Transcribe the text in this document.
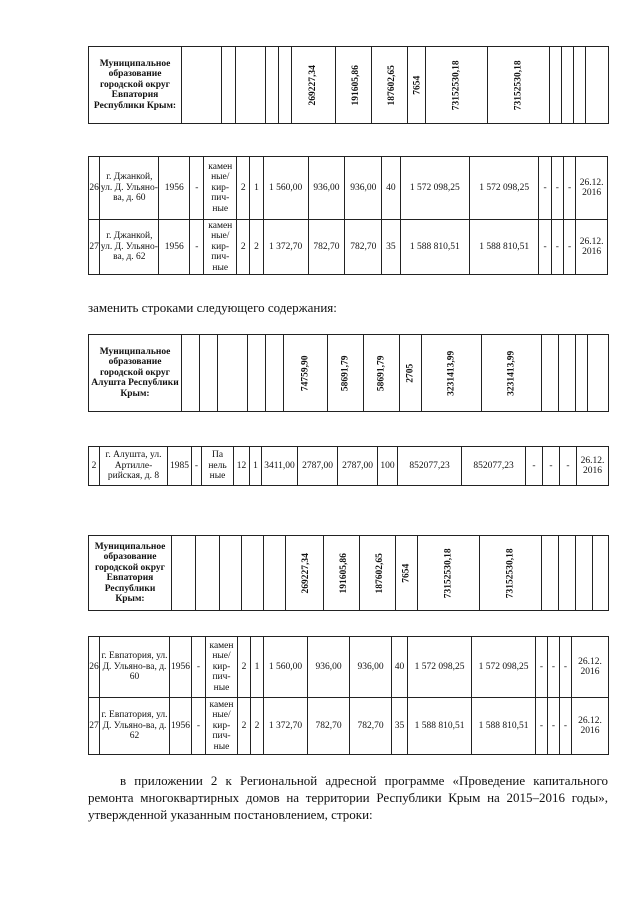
Муниципальное образование городской округ Евпатория Республики Крым:						269227,34	191605,86	187602,65	7654	73152530,18	73152530,18				
26	г. Джанкой, ул. Д. Ульяно-ва, д. 60	1956	-	камен ные/ кир-пич-ные	2	1	1 560,00	936,00	936,00	40	1 572 098,25	1 572 098,25	-	-	-	26.12. 2016
27	г. Джанкой, ул. Д. Ульяно-ва, д. 62	1956	-	камен ные/ кир-пич-ные	2	2	1 372,70	782,70	782,70	35	1 588 810,51	1 588 810,51	-	-	-	26.12. 2016
заменить строками следующего содержания:
Муниципальное образование городской округ Алушта Республики Крым:						74759,90	58691,79	58691,79	2705	3231413,99	3231413,99				
2	г. Алушта, ул. Артилле-рийская, д. 8	1985	-	Па нель ные	12	1	3411,00	2787,00	2787,00	100	852077,23	852077,23	-	-	-	26.12. 2016
Муниципальное образование городской округ Евпатория Республики Крым:						269227,34	191605,86	187602,65	7654	73152530,18	73152530,18				
26	г. Евпатория, ул. Д. Ульяно-ва, д. 60	1956	-	камен ные/ кир-пич-ные	2	1	1 560,00	936,00	936,00	40	1 572 098,25	1 572 098,25	-	-	-	26.12. 2016
27	г. Евпатория, ул. Д. Ульяно-ва, д. 62	1956	-	камен ные/ кир-пич-ные	2	2	1 372,70	782,70	782,70	35	1 588 810,51	1 588 810,51	-	-	-	26.12. 2016
в приложении 2 к Региональной адресной программе «Проведение капитального ремонта многоквартирных домов на территории Республики Крым на 2015–2016 годы», утвержденной указанным постановлением, строки:
